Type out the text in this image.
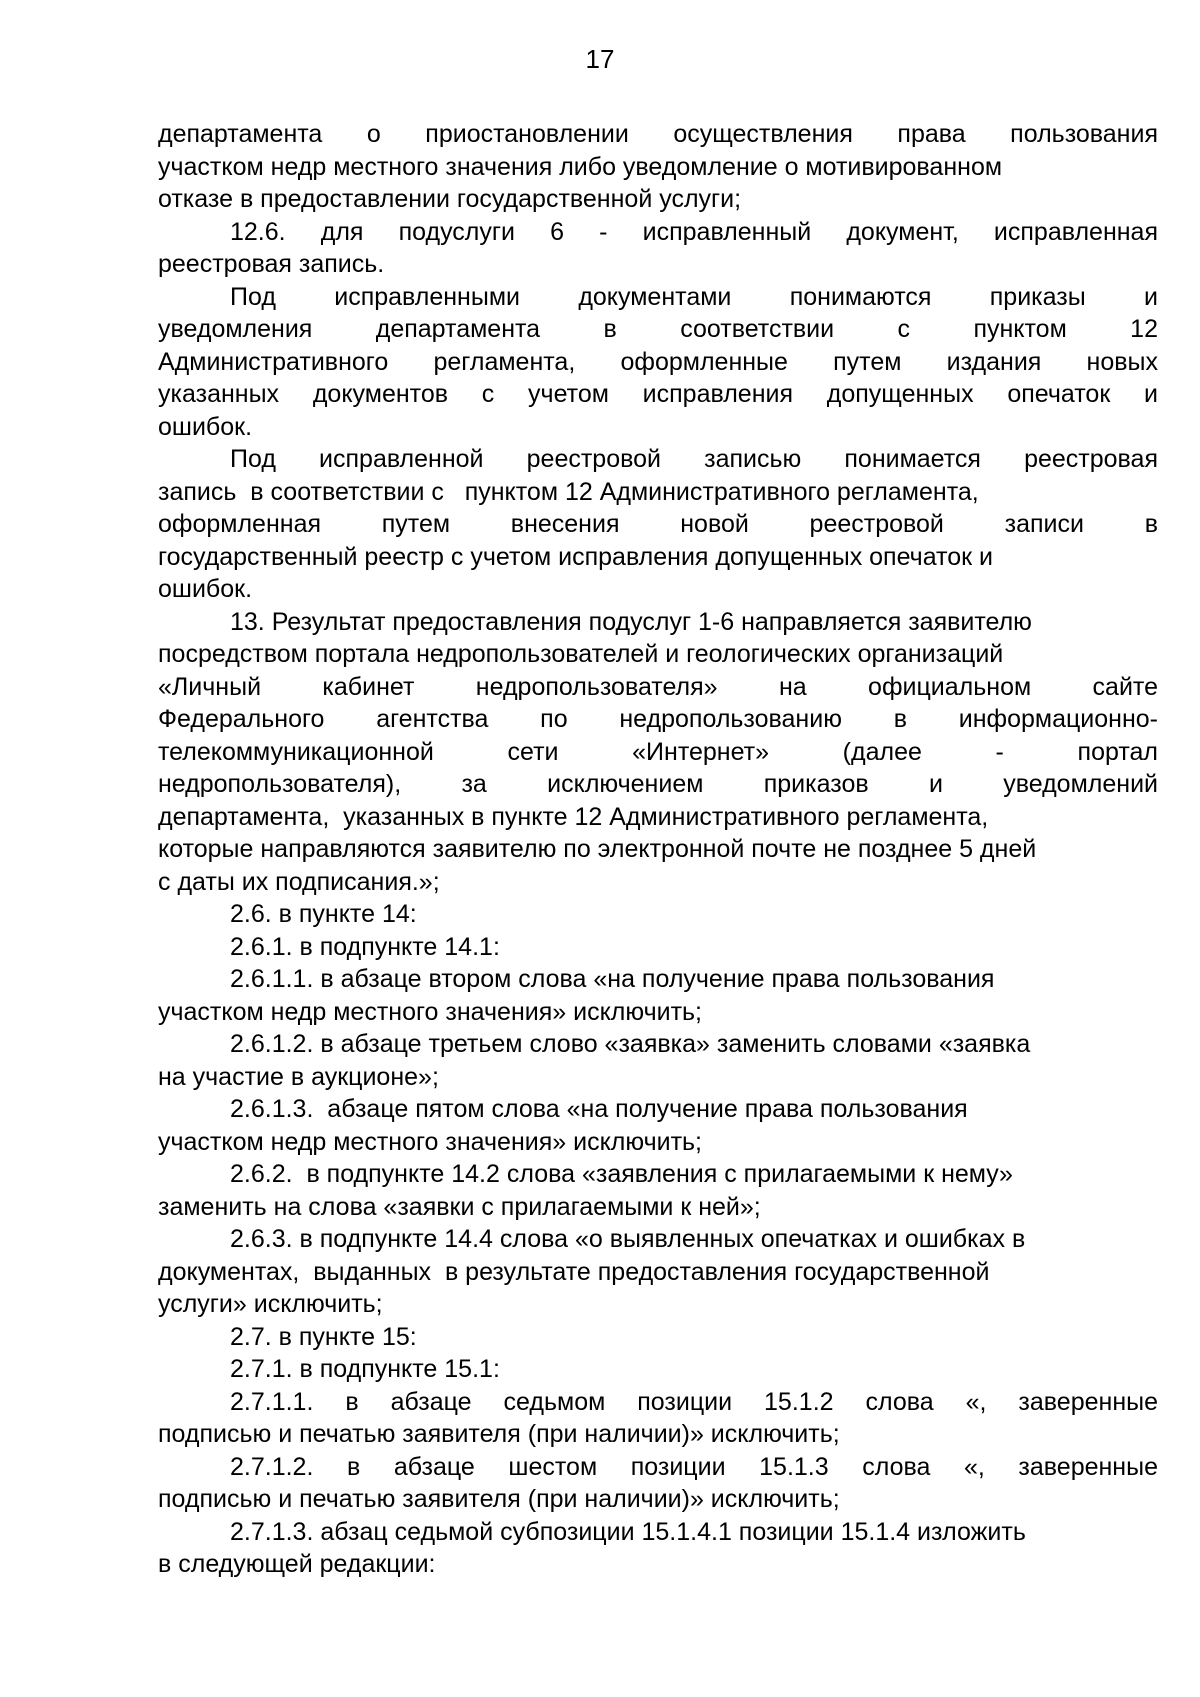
17
департамента о приостановлении осуществления права пользования
участком недр местного значения либо уведомление о мотивированном
отказе в предоставлении государственной услуги;
12.6. для подуслуги 6 - исправленный документ, исправленная
реестровая запись.
Под исправленными документами понимаются приказы и
уведомления департамента в соответствии с пунктом 12
Административного регламента, оформленные путем издания новых
указанных документов с учетом исправления допущенных опечаток и
ошибок.
Под исправленной реестровой записью понимается реестровая
запись  в соответствии с   пунктом 12 Административного регламента,
оформленная путем внесения новой реестровой записи в
государственный реестр с учетом исправления допущенных опечаток и
ошибок.
13. Результат предоставления подуслуг 1-6 направляется заявителю
посредством портала недропользователей и геологических организаций
«Личный кабинет недропользователя» на официальном сайте
Федерального агентства по недропользованию в информационно-
телекоммуникационной сети «Интернет» (далее - портал
недропользователя), за исключением приказов и уведомлений
департамента,  указанных в пункте 12 Административного регламента,
которые направляются заявителю по электронной почте не позднее 5 дней
с даты их подписания.»;
2.6. в пункте 14:
2.6.1. в подпункте 14.1:
2.6.1.1. в абзаце втором слова «на получение права пользования
участком недр местного значения» исключить;
2.6.1.2. в абзаце третьем слово «заявка» заменить словами «заявка
на участие в аукционе»;
2.6.1.3.  абзаце пятом слова «на получение права пользования
участком недр местного значения» исключить;
2.6.2.  в подпункте 14.2 слова «заявления с прилагаемыми к нему»
заменить на слова «заявки с прилагаемыми к ней»;
2.6.3. в подпункте 14.4 слова «о выявленных опечатках и ошибках в
документах,  выданных  в результате предоставления государственной
услуги» исключить;
2.7. в пункте 15:
2.7.1. в подпункте 15.1:
2.7.1.1. в абзаце седьмом позиции 15.1.2 слова «, заверенные
подписью и печатью заявителя (при наличии)» исключить;
2.7.1.2. в абзаце шестом позиции 15.1.3 слова «, заверенные
подписью и печатью заявителя (при наличии)» исключить;
2.7.1.3. абзац седьмой субпозиции 15.1.4.1 позиции 15.1.4 изложить
в следующей редакции:
